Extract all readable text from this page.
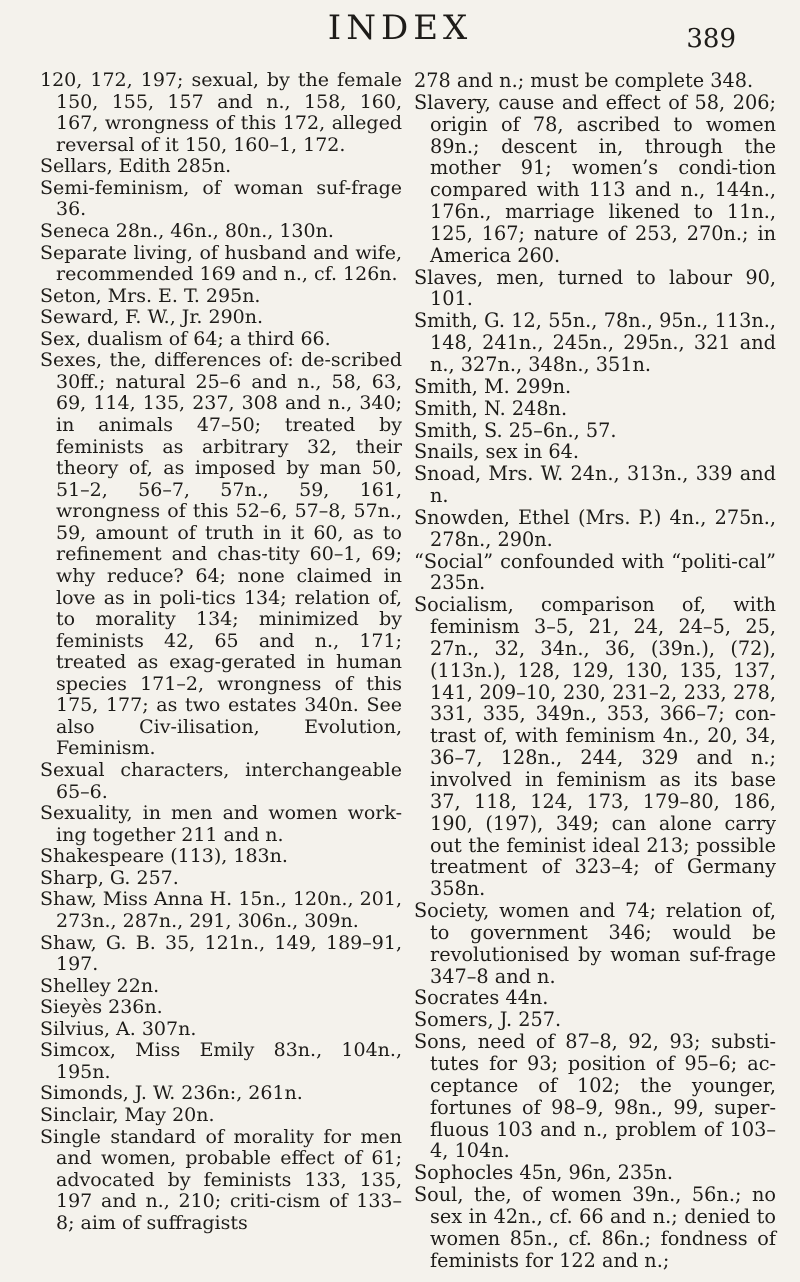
INDEX	389
120, 172, 197; sexual, by the female 150, 155, 157 and n., 158, 160, 167, wrongness of this 172, alleged reversal of it 150, 160–1, 172.
Sellars, Edith 285n.
Semi-feminism, of woman suf-frage 36.
Seneca 28n., 46n., 80n., 130n.
Separate living, of husband and wife, recommended 169 and n., cf. 126n.
Seton, Mrs. E. T. 295n.
Seward, F. W., Jr. 290n.
Sex, dualism of 64; a third 66.
Sexes, the, differences of: de-scribed 30ff.; natural 25–6 and n., 58, 63, 69, 114, 135, 237, 308 and n., 340; in animals 47–50; treated by feminists as arbitrary 32, their theory of, as imposed by man 50, 51–2, 56–7, 57n., 59, 161, wrongness of this 52–6, 57–8, 57n., 59, amount of truth in it 60, as to refinement and chas-tity 60–1, 69; why reduce? 64; none claimed in love as in poli-tics 134; relation of, to morality 134; minimized by feminists 42, 65 and n., 171; treated as exag-gerated in human species 171–2, wrongness of this 175, 177; as two estates 340n. See also Civ-ilisation, Evolution, Feminism.
Sexual characters, interchangeable 65–6.
Sexuality, in men and women work-ing together 211 and n.
Shakespeare (113), 183n.
Sharp, G. 257.
Shaw, Miss Anna H. 15n., 120n., 201, 273n., 287n., 291, 306n., 309n.
Shaw, G. B. 35, 121n., 149, 189–91, 197.
Shelley 22n.
Sieyès 236n.
Silvius, A. 307n.
Simcox, Miss Emily 83n., 104n., 195n.
Simonds, J. W. 236n:, 261n.
Sinclair, May 20n.
Single standard of morality for men and women, probable effect of 61; advocated by feminists 133, 135, 197 and n., 210; criti-cism of 133–8; aim of suffragists
278 and n.; must be complete 348.
Slavery, cause and effect of 58, 206; origin of 78, ascribed to women 89n.; descent in, through the mother 91; women’s condi-tion compared with 113 and n., 144n., 176n., marriage likened to 11n., 125, 167; nature of 253, 270n.; in America 260.
Slaves, men, turned to labour 90, 101.
Smith, G. 12, 55n., 78n., 95n., 113n., 148, 241n., 245n., 295n., 321 and n., 327n., 348n., 351n.
Smith, M. 299n.
Smith, N. 248n.
Smith, S. 25–6n., 57.
Snails, sex in 64.
Snoad, Mrs. W. 24n., 313n., 339 and n.
Snowden, Ethel (Mrs. P.) 4n., 275n., 278n., 290n.
“Social” confounded with “politi-cal” 235n.
Socialism, comparison of, with feminism 3–5, 21, 24, 24–5, 25, 27n., 32, 34n., 36, (39n.), (72), (113n.), 128, 129, 130, 135, 137, 141, 209–10, 230, 231–2, 233, 278, 331, 335, 349n., 353, 366–7; con-trast of, with feminism 4n., 20, 34, 36–7, 128n., 244, 329 and n.; involved in feminism as its base 37, 118, 124, 173, 179–80, 186, 190, (197), 349; can alone carry out the feminist ideal 213; possible treatment of 323–4; of Germany 358n.
Society, women and 74; relation of, to government 346; would be revolutionised by woman suf-frage 347–8 and n.
Socrates 44n.
Somers, J. 257.
Sons, need of 87–8, 92, 93; substi-tutes for 93; position of 95–6; ac-ceptance of 102; the younger, fortunes of 98–9, 98n., 99, super-fluous 103 and n., problem of 103–4, 104n.
Sophocles 45n, 96n, 235n.
Soul, the, of women 39n., 56n.; no sex in 42n., cf. 66 and n.; denied to women 85n., cf. 86n.; fondness of feminists for 122 and n.;
